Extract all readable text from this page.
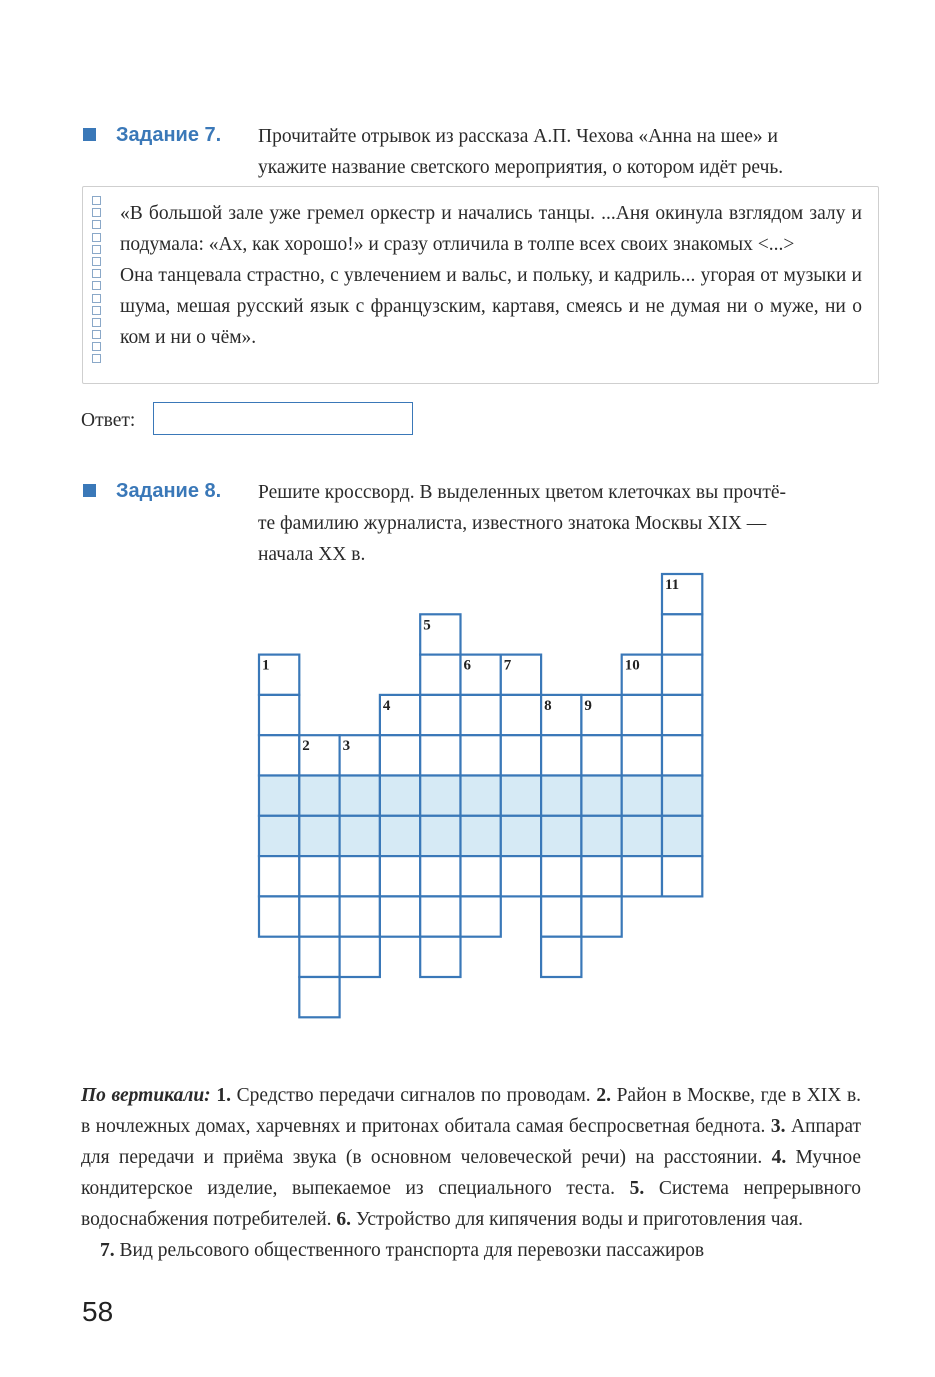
Задание 7. Прочитайте отрывок из рассказа А.П. Чехова «Анна на шее» и
укажите название светского мероприятия, о котором идёт речь.

«В большой зале уже гремел оркестр и начались танцы. ...Аня окинула взглядом залу и подумала: «Ах, как хорошо!» и сразу отличила в толпе всех своих знакомых <...>

Она танцевала страстно, с увлечением и вальс, и польку, и кадриль... угорая от музыки и шума, мешая русский язык с французским, картавя, смеясь и не думая ни о муже, ни о ком и ни о чём».

Ответ:
Задание 8. Решите кроссворд. В выделенных цветом клеточках вы прочтё-
те фамилию журналиста, известного знатока Москвы XIX —
начала XX в.
1
2 3
4
5
6 7
8 9
10
11
По вертикали: 1. Средство передачи сигналов по проводам. 2. Район в Москве, где в XIX в. в ночлежных домах, харчевнях и притонах обитала самая беспросветная беднота. 3. Аппарат для передачи и приёма звука (в основном человеческой речи) на расстоянии. 4. Мучное кондитерское изделие, выпекаемое из специального теста. 5. Система непрерывного водоснабжения потребителей. 6. Устройство для кипячения воды и приготовления чая.
7. Вид рельсового общественного транспорта для перевозки пассажиров
58
